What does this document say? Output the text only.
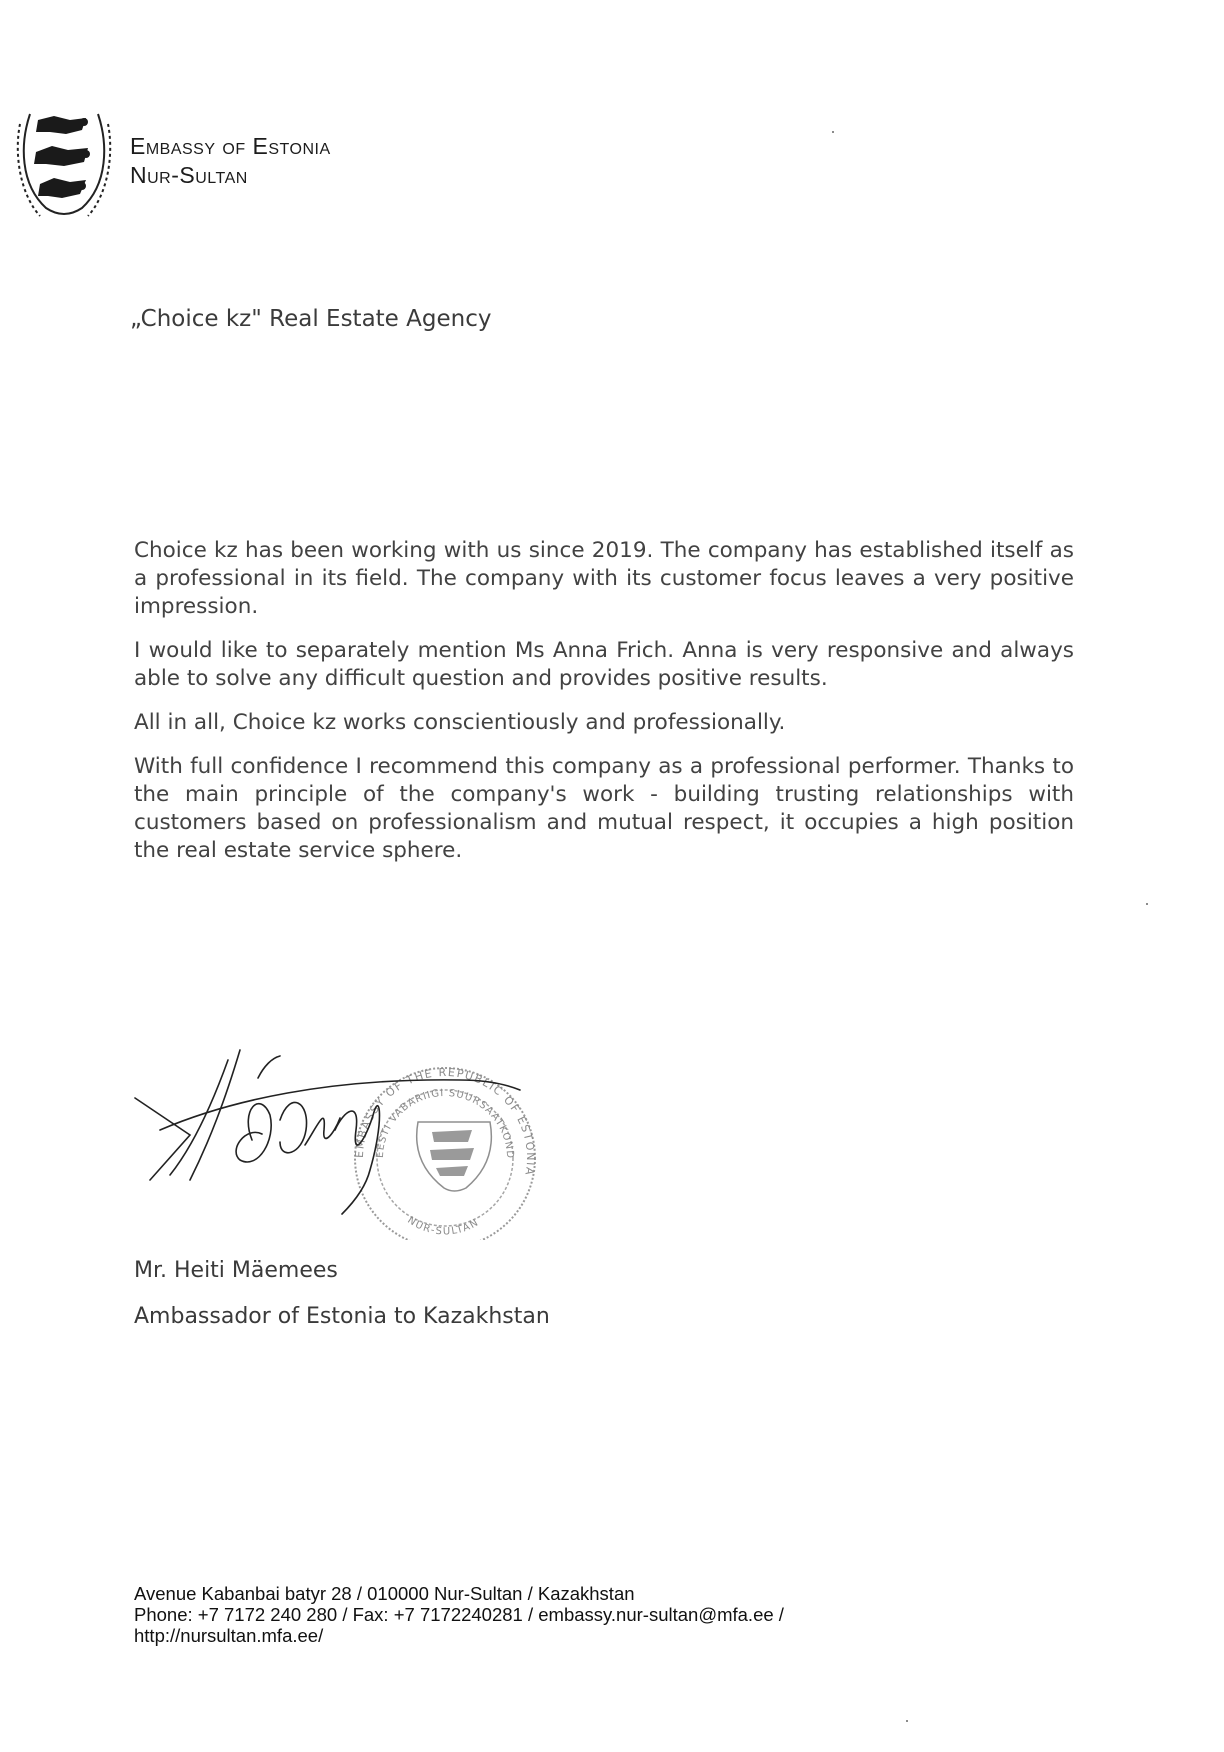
Embassy of Estonia
Nur-Sultan
„Choice kz" Real Estate Agency

Choice kz has been working with us since 2019. The company has established itself as a professional in its field. The company with its customer focus leaves a very positive impression.

I would like to separately mention Ms Anna Frich. Anna is very responsive and always able to solve any difficult question and provides positive results.

All in all, Choice kz works conscientiously and professionally.

With full confidence I recommend this company as a professional performer. Thanks to the main principle of the company's work - building trusting relationships with customers based on professionalism and mutual respect, it occupies a high position the real estate service sphere.

EMBASSY OF THE REPUBLIC OF ESTONIA
EESTI VABARIIGI SUURSAATKOND
NUR-SULTAN
Mr. Heiti Mäemees
Ambassador of Estonia to Kazakhstan
Avenue Kabanbai batyr 28 / 010000 Nur-Sultan / Kazakhstan
Phone: +7 7172 240 280 / Fax: +7 7172240281 / embassy.nur-sultan@mfa.ee /
http://nursultan.mfa.ee/
